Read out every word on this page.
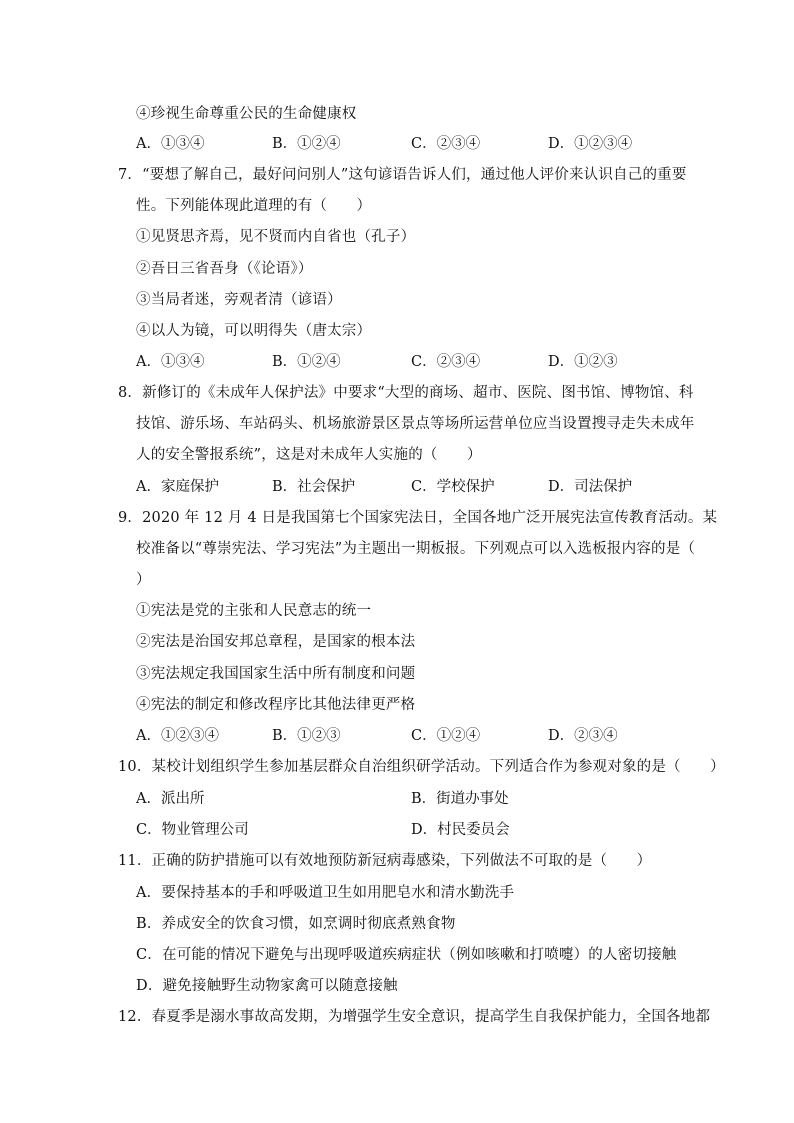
④珍视生命尊重公民的生命健康权
A．①③④	B．①②④	C．②③④	D．①②③④
7．“要想了解自己，最好问问别人”这句谚语告诉人们，通过他人评价来认识自己的重要
性。下列能体现此道理的有（　　）
①见贤思齐焉，见不贤而内自省也（孔子）
②吾日三省吾身（《论语》）
③当局者迷，旁观者清（谚语）
④以人为镜，可以明得失（唐太宗）
A．①③④	B．①②④	C．②③④	D．①②③
8．新修订的《未成年人保护法》中要求“大型的商场、超市、医院、图书馆、博物馆、科
技馆、游乐场、车站码头、机场旅游景区景点等场所运营单位应当设置搜寻走失未成年
人的安全警报系统”，这是对未成年人实施的（　　）
A．家庭保护	B．社会保护	C．学校保护	D．司法保护
9．2020 年 12 月 4 日是我国第七个国家宪法日，全国各地广泛开展宪法宣传教育活动。某
校准备以“尊崇宪法、学习宪法”为主题出一期板报。下列观点可以入选板报内容的是（
）
①宪法是党的主张和人民意志的统一
②宪法是治国安邦总章程，是国家的根本法
③宪法规定我国国家生活中所有制度和问题
④宪法的制定和修改程序比其他法律更严格
A．①②③④	B．①②③	C．①②④	D．②③④
10．某校计划组织学生参加基层群众自治组织研学活动。下列适合作为参观对象的是（　　）
A．派出所	B．街道办事处
C．物业管理公司	D．村民委员会
11．正确的防护措施可以有效地预防新冠病毒感染，下列做法不可取的是（　　）
A．要保持基本的手和呼吸道卫生如用肥皂水和清水勤洗手
B．养成安全的饮食习惯，如烹调时彻底煮熟食物
C．在可能的情况下避免与出现呼吸道疾病症状（例如咳嗽和打喷嚏）的人密切接触
D．避免接触野生动物家禽可以随意接触
12．春夏季是溺水事故高发期，为增强学生安全意识，提高学生自我保护能力，全国各地都
